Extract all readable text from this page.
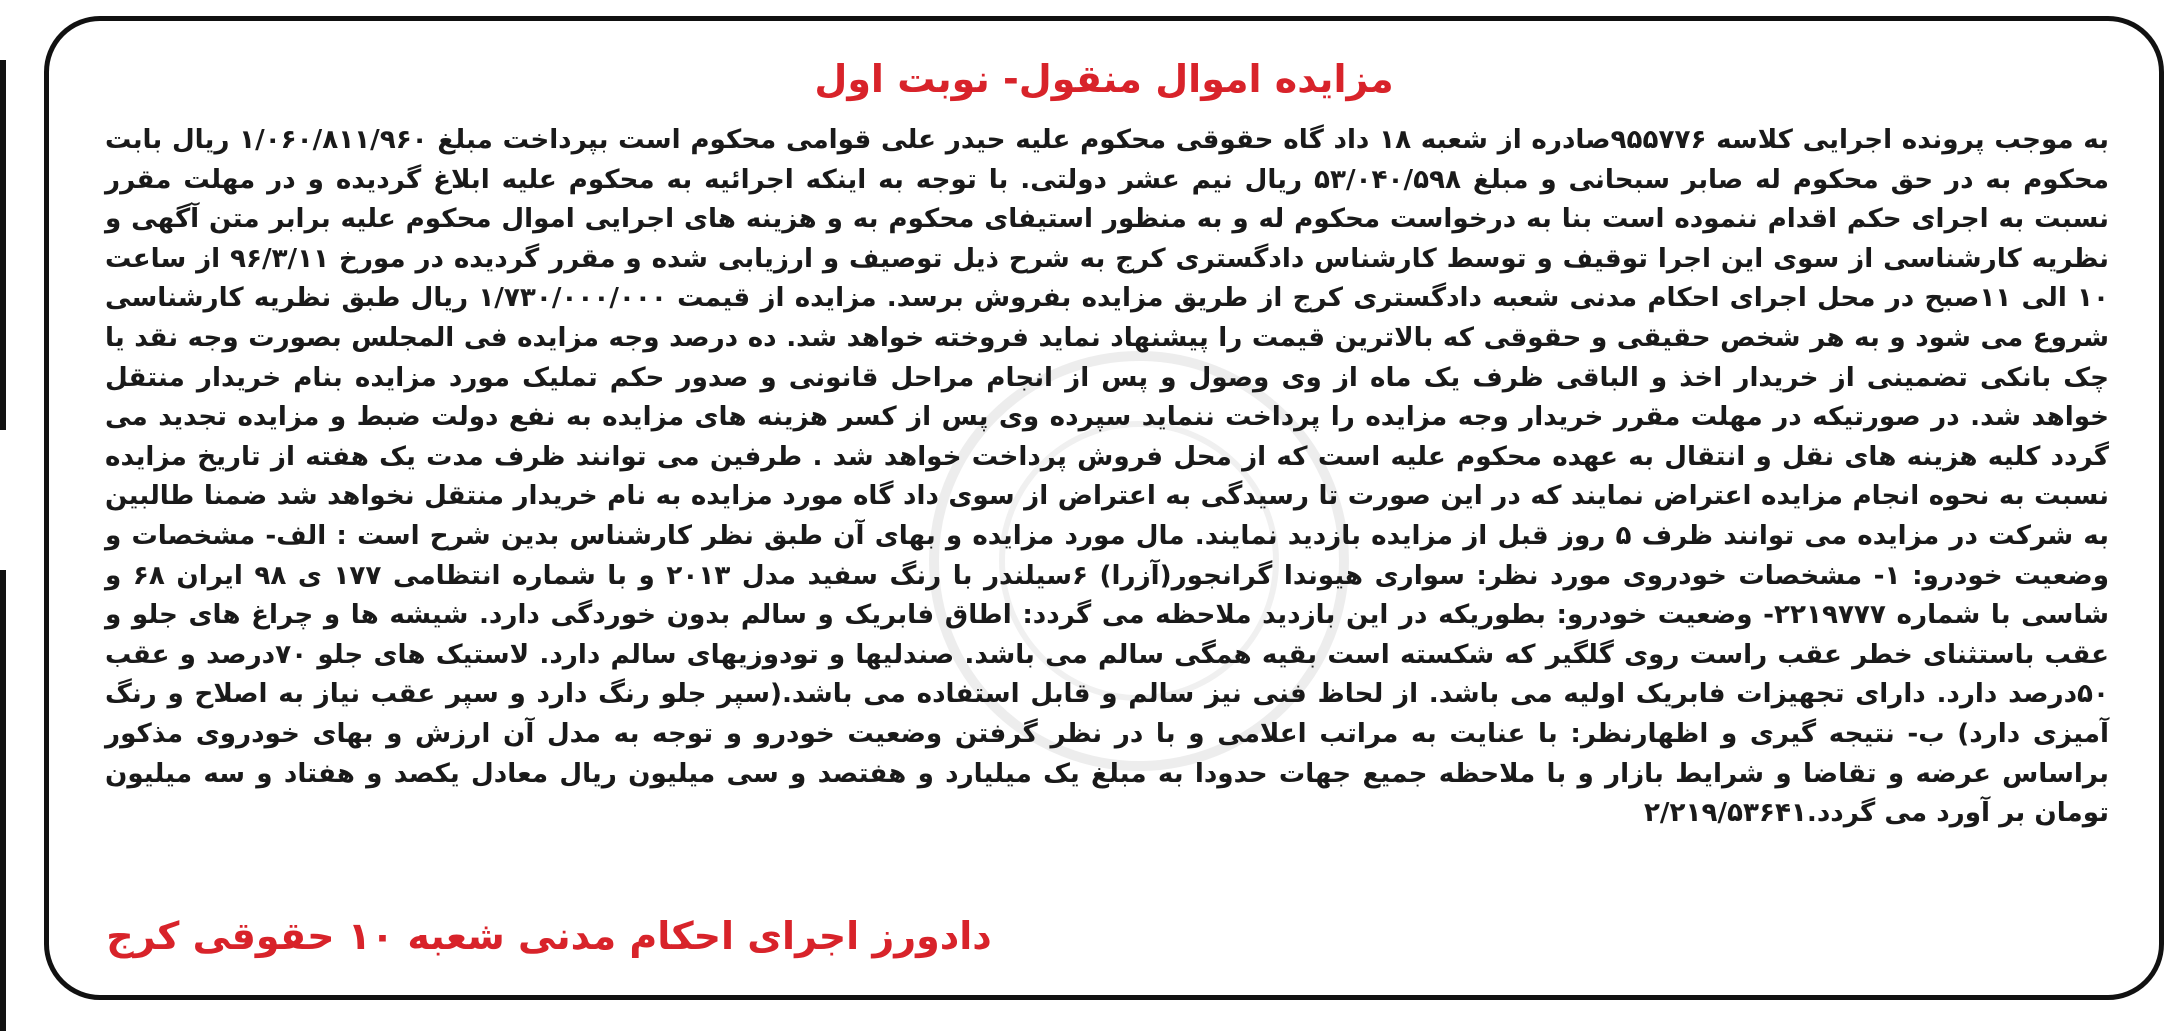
مزایده اموال منقول- نوبت اول
به موجب پرونده اجرایی کلاسه ۹۵۵۷۷۶صادره از شعبه ۱۸ داد گاه حقوقی محکوم علیه حیدر علی قوامی محکوم است بپرداخت مبلغ ۱/۰۶۰/۸۱۱/۹۶۰ ریال بابت محکوم به در حق محکوم له صابر سبحانی و مبلغ ۵۳/۰۴۰/۵۹۸ ریال نیم عشر دولتی. با توجه به اینکه اجرائیه به محکوم علیه ابلاغ گردیده و در مهلت مقرر نسبت به اجرای حکم اقدام ننموده است بنا به درخواست محکوم له و به منظور استیفای محکوم به و هزینه های اجرایی اموال محکوم علیه برابر متن آگهی و نظریه کارشناسی از سوی این اجرا توقیف و توسط کارشناس دادگستری کرج به شرح ذیل توصیف و ارزیابی شده و مقرر گردیده در مورخ ۹۶/۳/۱۱ از ساعت ۱۰ الی ۱۱صبح در محل اجرای احکام مدنی شعبه دادگستری کرج از طریق مزایده بفروش برسد. مزایده از قیمت ۱/۷۳۰/۰۰۰/۰۰۰ ریال طبق نظریه کارشناسی شروع می شود و به هر شخص حقیقی و حقوقی که بالاترین قیمت را پیشنهاد نماید فروخته خواهد شد. ده درصد وجه مزایده فی المجلس بصورت وجه نقد یا چک بانکی تضمینی از خریدار اخذ و الباقی ظرف یک ماه از وی وصول و پس از انجام مراحل قانونی و صدور حکم تملیک مورد مزایده بنام خریدار منتقل خواهد شد. در صورتیکه در مهلت مقرر خریدار وجه مزایده را پرداخت ننماید سپرده وی پس از کسر هزینه های مزایده به نفع دولت ضبط و مزایده تجدید می گردد کلیه هزینه های نقل و انتقال به عهده محکوم علیه است که از محل فروش پرداخت خواهد شد . طرفین می توانند ظرف مدت یک هفته از تاریخ مزایده نسبت به نحوه انجام مزایده اعتراض نمایند که در این صورت تا رسیدگی به اعتراض از سوی داد گاه مورد مزایده به نام خریدار منتقل نخواهد شد ضمنا طالبین به شرکت در مزایده می توانند ظرف ۵ روز قبل از مزایده بازدید نمایند. مال مورد مزایده و بهای آن طبق نظر کارشناس بدین شرح است : الف- مشخصات و وضعیت خودرو: ۱- مشخصات خودروی مورد نظر: سواری هیوندا گرانجور(آزرا) ۶سیلندر با رنگ سفید مدل ۲۰۱۳ و با شماره انتظامی ۱۷۷ ی ۹۸ ایران ۶۸ و شاسی با شماره ۲۲۱۹۷۷۷- وضعیت خودرو: بطوریکه در این بازدید ملاحظه می گردد: اطاق فابریک و سالم بدون خوردگی دارد. شیشه ها و چراغ های جلو و عقب باستثنای خطر عقب راست روی گلگیر که شکسته است بقیه همگی سالم می باشد. صندلیها و تودوزیهای سالم دارد. لاستیک های جلو ۷۰درصد و عقب ۵۰درصد دارد. دارای تجهیزات فابریک اولیه می باشد. از لحاظ فنی نیز سالم و قابل استفاده می باشد.(سپر جلو رنگ دارد و سپر عقب نیاز به اصلاح و رنگ آمیزی دارد) ب- نتیجه گیری و اظهارنظر: با عنایت به مراتب اعلامی و با در نظر گرفتن وضعیت خودرو و توجه به مدل آن ارزش و بهای خودروی مذکور براساس عرضه و تقاضا و شرایط بازار و با ملاحظه جمیع جهات حدودا به مبلغ یک میلیارد و هفتصد و سی میلیون ریال معادل یکصد و هفتاد و سه میلیون تومان بر آورد می گردد.۲/۲۱۹/۵۳۶۴۱
دادورز اجرای احکام مدنی شعبه ۱۰ حقوقی کرج
